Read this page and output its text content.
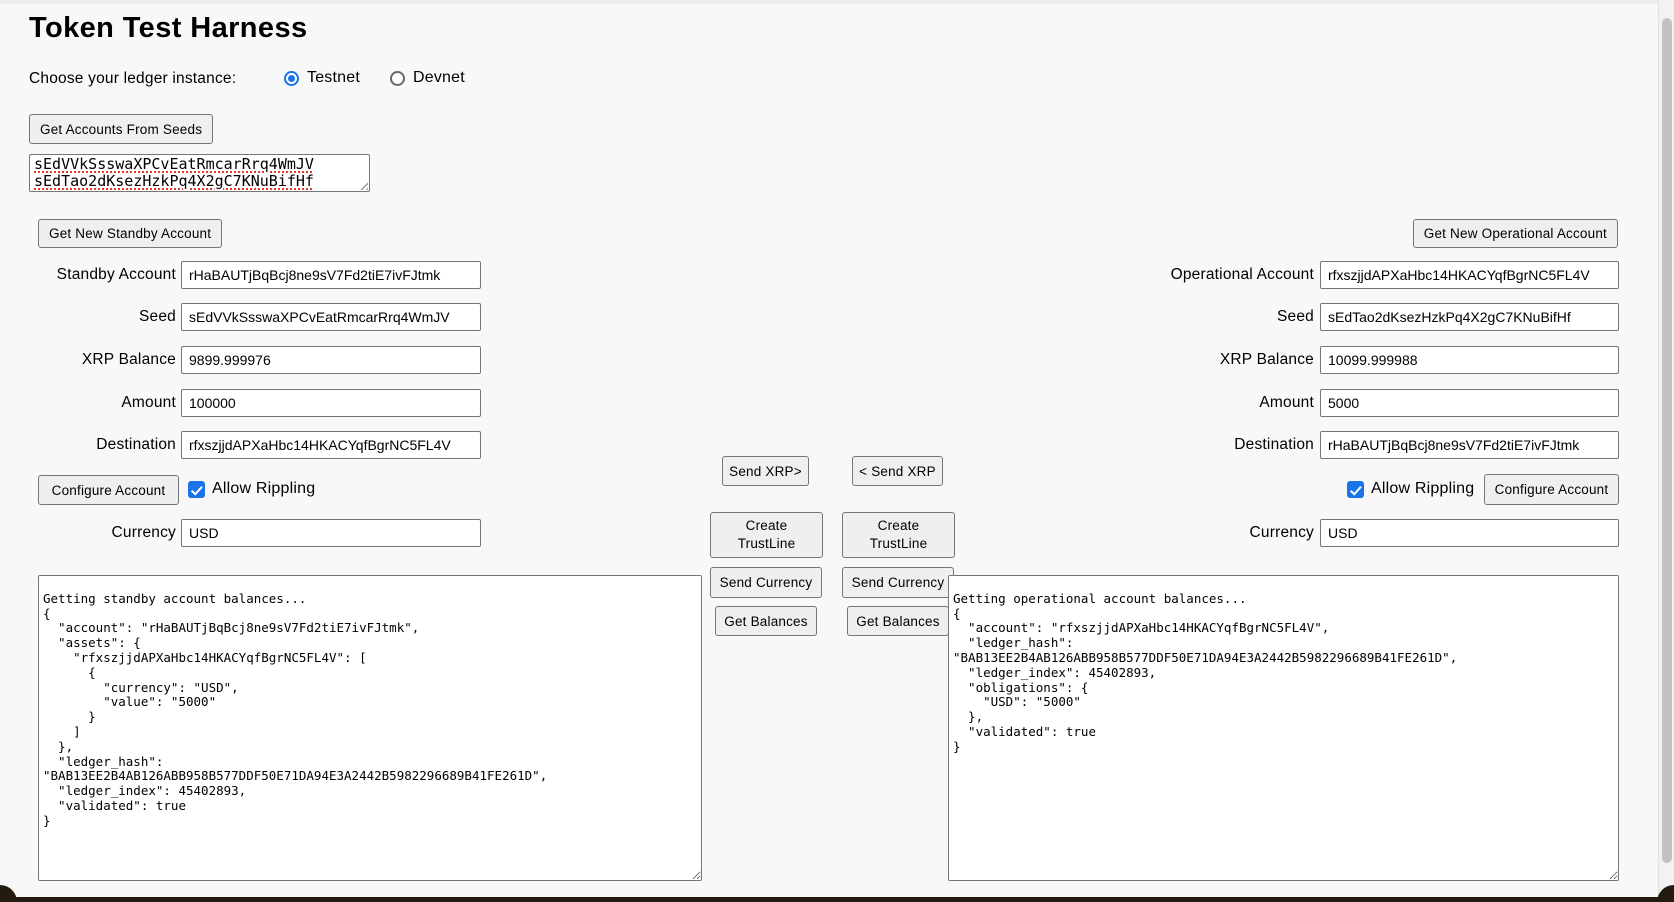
Token Test Harness
Choose your ledger instance:	Testnet	Devnet
Get Accounts From Seeds
sEdVVkSsswaXPCvEatRmcarRrq4WmJV
sEdTao2dKsezHzkPq4X2gC7KNuBifHf
Get New Standby Account	Get New Operational Account
Standby Account
rHaBAUTjBqBcj8ne9sV7Fd2tiE7ivFJtmk
Seed
sEdVVkSsswaXPCvEatRmcarRrq4WmJV
XRP Balance
9899.999976
Amount
100000
Destination
rfxszjjdAPXaHbc14HKACYqfBgrNC5FL4V
Configure Account	Allow Rippling
Currency
USD
Operational Account
rfxszjjdAPXaHbc14HKACYqfBgrNC5FL4V
Seed
sEdTao2dKsezHzkPq4X2gC7KNuBifHf
XRP Balance
10099.999988
Amount
5000
Destination
rHaBAUTjBqBcj8ne9sV7Fd2tiE7ivFJtmk
Allow Rippling	Configure Account
Currency
USD
Send XRP>	< Send XRP
Create TrustLine
Create TrustLine
Send Currency	Send Currency
Get Balances	Get Balances
Getting standby account balances... { "account": "rHaBAUTjBqBcj8ne9sV7Fd2tiE7ivFJtmk", "assets": { "rfxszjjdAPXaHbc14HKACYqfBgrNC5FL4V": [ { "currency": "USD", "value": "5000" } ] }, "ledger_hash": "BAB13EE2B4AB126ABB958B577DDF50E71DA94E3A2442B5982296689B41FE261D", "ledger_index": 45402893, "validated": true }
Getting operational account balances... { "account": "rfxszjjdAPXaHbc14HKACYqfBgrNC5FL4V", "ledger_hash": "BAB13EE2B4AB126ABB958B577DDF50E71DA94E3A2442B5982296689B41FE261D", "ledger_index": 45402893, "obligations": { "USD": "5000" }, "validated": true }
